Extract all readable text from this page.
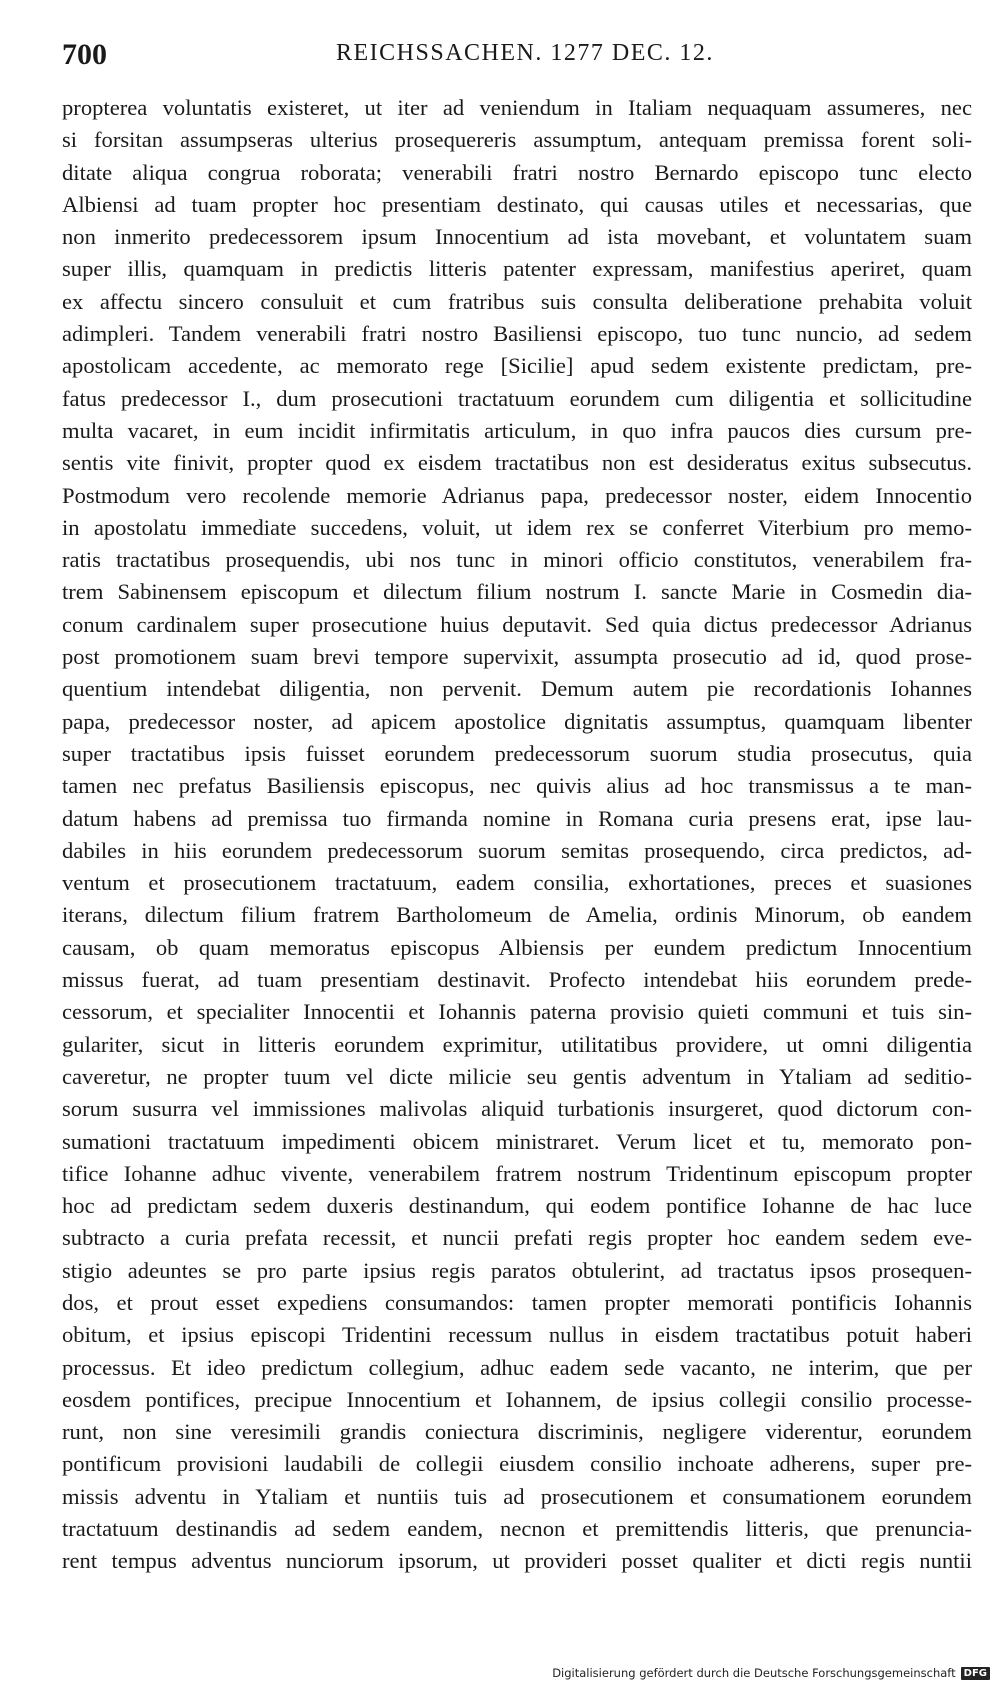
700	REICHSSACHEN. 1277 DEC. 12.
propterea voluntatis existeret, ut iter ad veniendum in Italiam nequaquam assumeres, nec
si forsitan assumpseras ulterius prosequereris assumptum, antequam premissa forent soli-
ditate aliqua congrua roborata; venerabili fratri nostro Bernardo episcopo tunc electo
Albiensi ad tuam propter hoc presentiam destinato, qui causas utiles et necessarias, que
non inmerito predecessorem ipsum Innocentium ad ista movebant, et voluntatem suam
super illis, quamquam in predictis litteris patenter expressam, manifestius aperiret, quam
ex affectu sincero consuluit et cum fratribus suis consulta deliberatione prehabita voluit
adimpleri. Tandem venerabili fratri nostro Basiliensi episcopo, tuo tunc nuncio, ad sedem
apostolicam accedente, ac memorato rege [Sicilie] apud sedem existente predictam, pre-
fatus predecessor I., dum prosecutioni tractatuum eorundem cum diligentia et sollicitudine
multa vacaret, in eum incidit infirmitatis articulum, in quo infra paucos dies cursum pre-
sentis vite finivit, propter quod ex eisdem tractatibus non est desideratus exitus subsecutus.
Postmodum vero recolende memorie Adrianus papa, predecessor noster, eidem Innocentio
in apostolatu immediate succedens, voluit, ut idem rex se conferret Viterbium pro memo-
ratis tractatibus prosequendis, ubi nos tunc in minori officio constitutos, venerabilem fra-
trem Sabinensem episcopum et dilectum filium nostrum I. sancte Marie in Cosmedin dia-
conum cardinalem super prosecutione huius deputavit. Sed quia dictus predecessor Adrianus
post promotionem suam brevi tempore supervixit, assumpta prosecutio ad id, quod prose-
quentium intendebat diligentia, non pervenit. Demum autem pie recordationis Iohannes
papa, predecessor noster, ad apicem apostolice dignitatis assumptus, quamquam libenter
super tractatibus ipsis fuisset eorundem predecessorum suorum studia prosecutus, quia
tamen nec prefatus Basiliensis episcopus, nec quivis alius ad hoc transmissus a te man-
datum habens ad premissa tuo firmanda nomine in Romana curia presens erat, ipse lau-
dabiles in hiis eorundem predecessorum suorum semitas prosequendo, circa predictos, ad-
ventum et prosecutionem tractatuum, eadem consilia, exhortationes, preces et suasiones
iterans, dilectum filium fratrem Bartholomeum de Amelia, ordinis Minorum, ob eandem
causam, ob quam memoratus episcopus Albiensis per eundem predictum Innocentium
missus fuerat, ad tuam presentiam destinavit. Profecto intendebat hiis eorundem prede-
cessorum, et specialiter Innocentii et Iohannis paterna provisio quieti communi et tuis sin-
gulariter, sicut in litteris eorundem exprimitur, utilitatibus providere, ut omni diligentia
caveretur, ne propter tuum vel dicte milicie seu gentis adventum in Ytaliam ad seditio-
sorum susurra vel immissiones malivolas aliquid turbationis insurgeret, quod dictorum con-
sumationi tractatuum impedimenti obicem ministraret. Verum licet et tu, memorato pon-
tifice Iohanne adhuc vivente, venerabilem fratrem nostrum Tridentinum episcopum propter
hoc ad predictam sedem duxeris destinandum, qui eodem pontifice Iohanne de hac luce
subtracto a curia prefata recessit, et nuncii prefati regis propter hoc eandem sedem eve-
stigio adeuntes se pro parte ipsius regis paratos obtulerint, ad tractatus ipsos prosequen-
dos, et prout esset expediens consumandos: tamen propter memorati pontificis Iohannis
obitum, et ipsius episcopi Tridentini recessum nullus in eisdem tractatibus potuit haberi
processus. Et ideo predictum collegium, adhuc eadem sede vacanto, ne interim, que per
eosdem pontifices, precipue Innocentium et Iohannem, de ipsius collegii consilio processe-
runt, non sine veresimili grandis coniectura discriminis, negligere viderentur, eorundem
pontificum provisioni laudabili de collegii eiusdem consilio inchoate adherens, super pre-
missis adventu in Ytaliam et nuntiis tuis ad prosecutionem et consumationem eorundem
tractatuum destinandis ad sedem eandem, necnon et premittendis litteris, que prenuncia-
rent tempus adventus nunciorum ipsorum, ut provideri posset qualiter et dicti regis nuntii
Digitalisierung gefördert durch die Deutsche Forschungsgemeinschaft DFG
